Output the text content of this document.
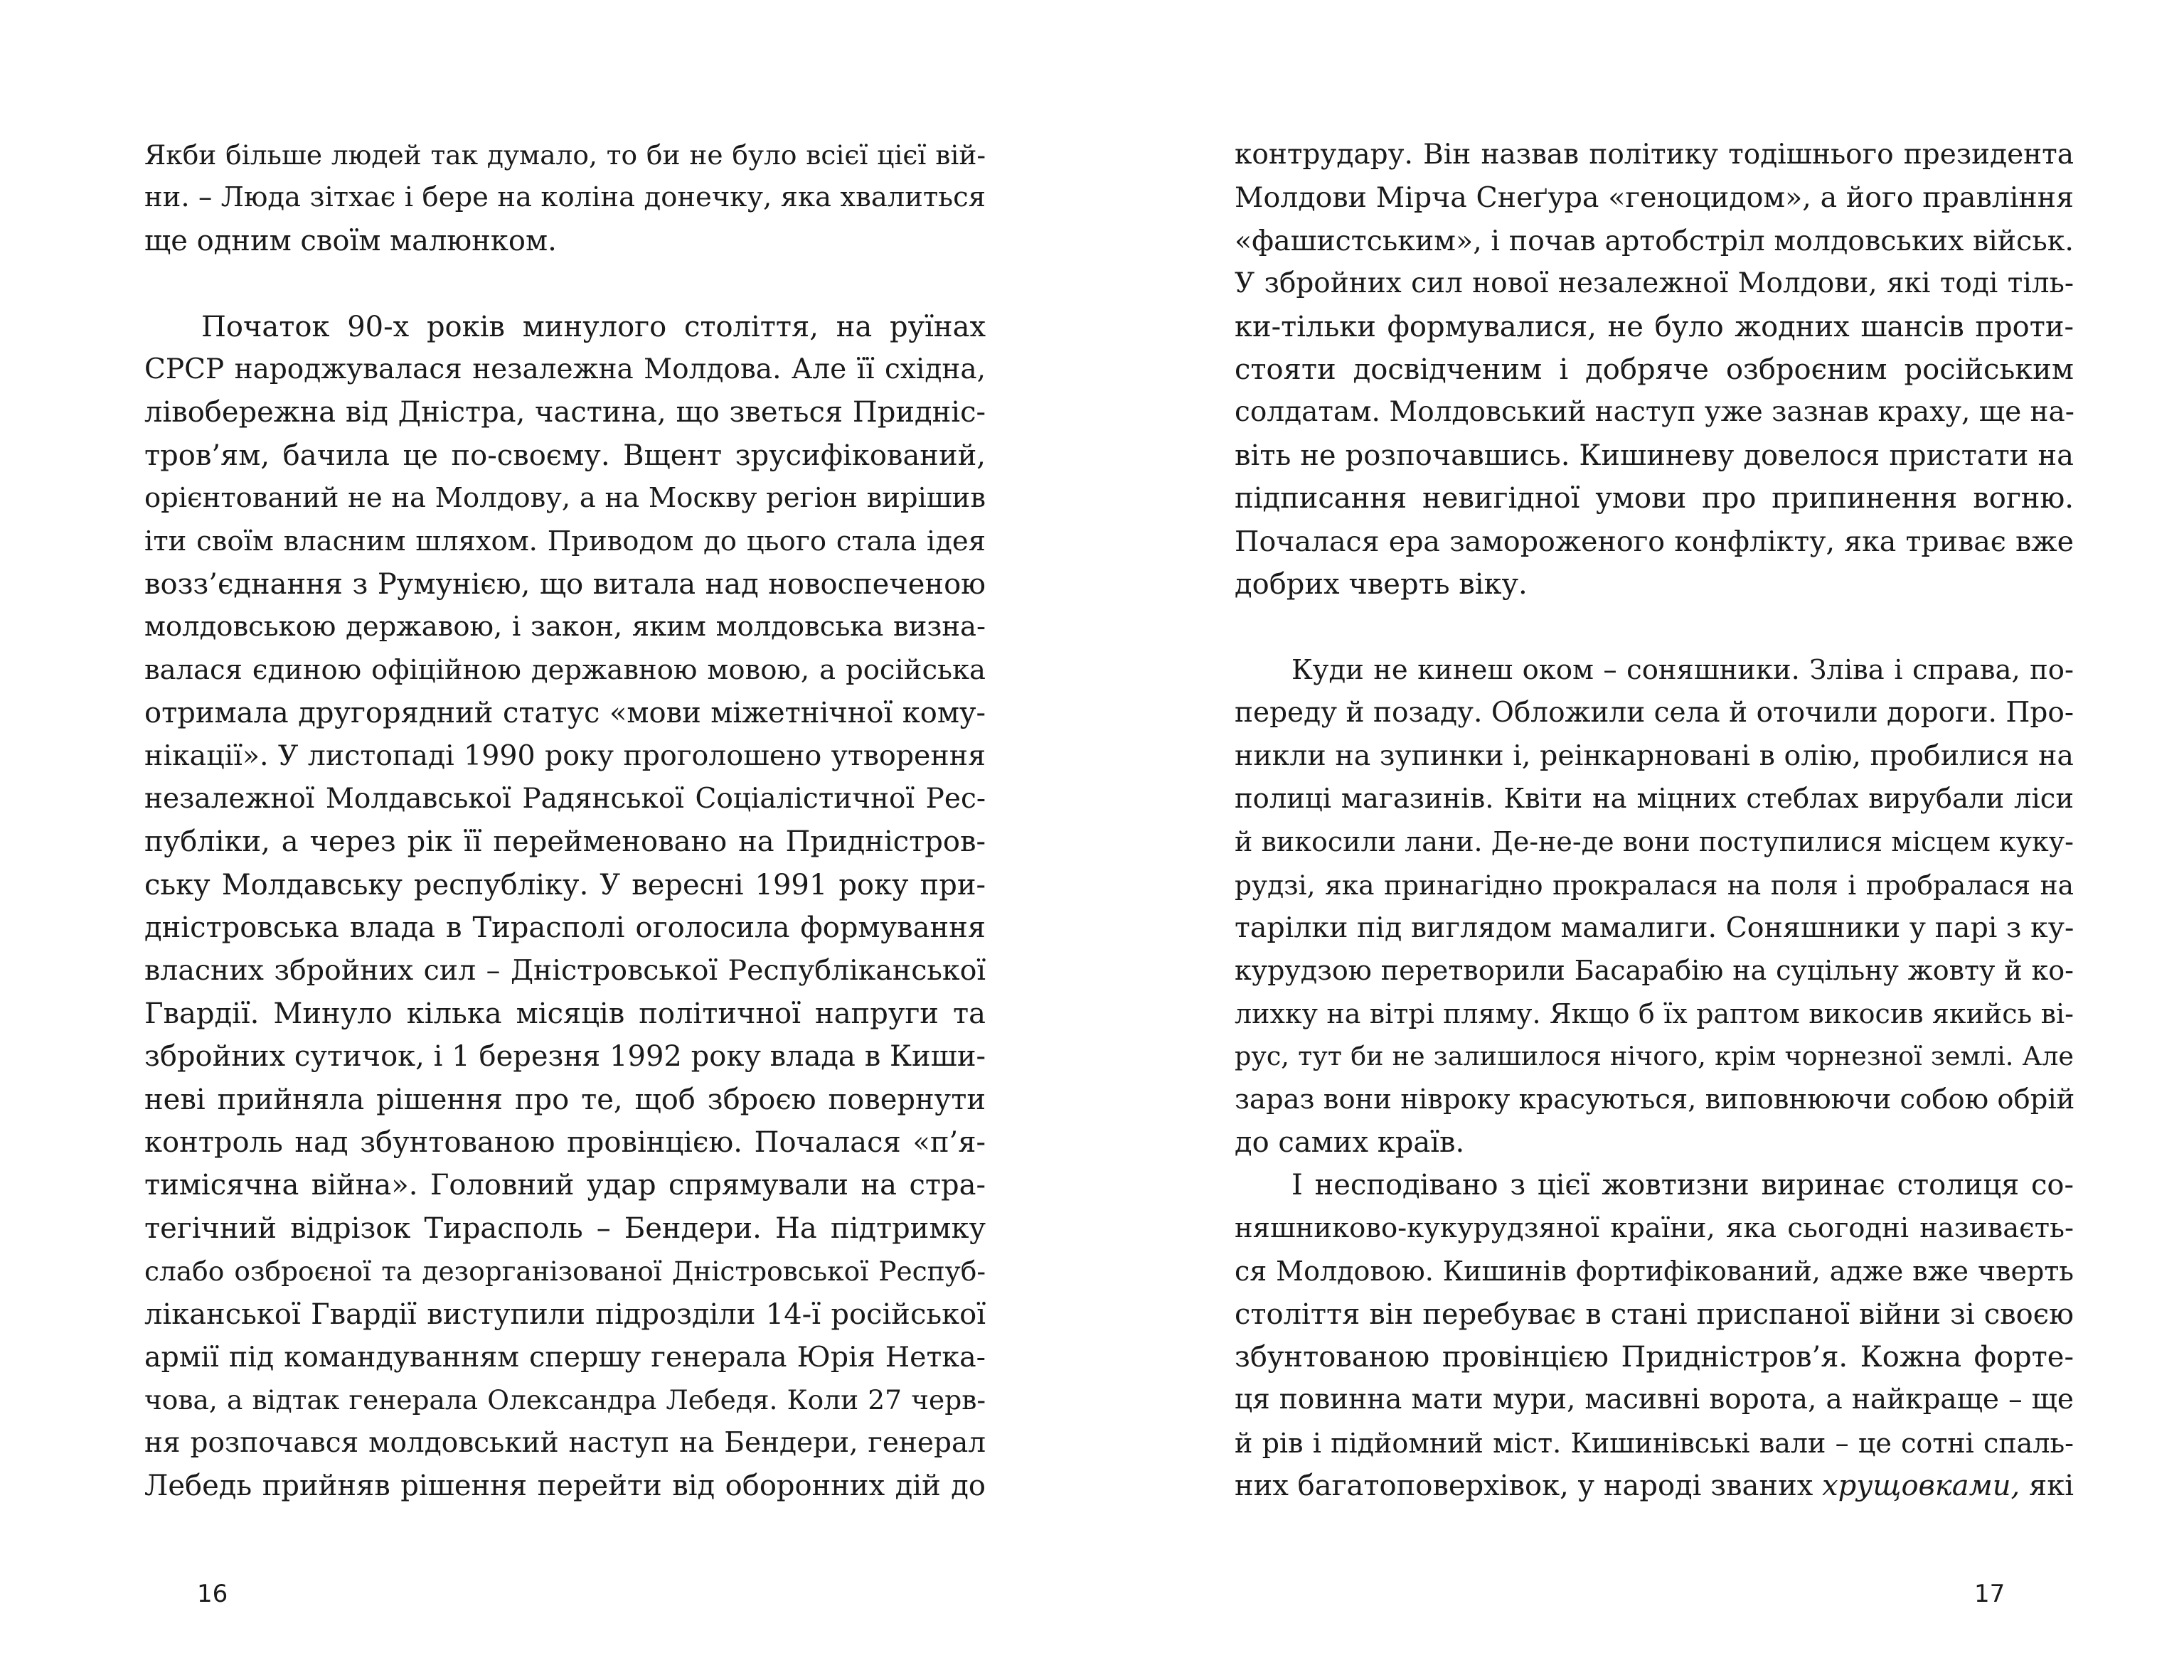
Якби більше людей так думало, то би не було всієї цієї вій-
ни. – Люда зітхає і бере на коліна донечку, яка хвалиться
ще одним своїм малюнком.
Початок 90-х років минулого століття, на руїнах
СРСР народжувалася незалежна Молдова. Але її східна,
лівобережна від Дністра, частина, що зветься Придніс-
тров’ям, бачила це по-своєму. Вщент зрусифікований,
орієнтований не на Молдову, а на Москву регіон вирішив
іти своїм власним шляхом. Приводом до цього стала ідея
возз’єднання з Румунією, що витала над новоспеченою
молдовською державою, і закон, яким молдовська визна-
валася єдиною офіційною державною мовою, а російська
отримала другорядний статус «мови міжетнічної кому-
нікації». У листопаді 1990 року проголошено утворення
незалежної Молдавської Радянської Соціалістичної Рес-
публіки, а через рік її перейменовано на Придністров-
ську Молдавську республіку. У вересні 1991 року при-
дністровська влада в Тирасполі оголосила формування
власних збройних сил – Дністровської Республіканської
Гвардії. Минуло кілька місяців політичної напруги та
збройних сутичок, і 1 березня 1992 року влада в Киши-
неві прийняла рішення про те, щоб зброєю повернути
контроль над збунтованою провінцією. Почалася «п’я-
тимісячна війна». Головний удар спрямували на стра-
тегічний відрізок Тирасполь – Бендери. На підтримку
слабо озброєної та дезорганізованої Дністровської Респуб-
ліканської Гвардії виступили підрозділи 14-ї російської
армії під командуванням спершу генерала Юрія Нетка-
чова, а відтак генерала Олександра Лебедя. Коли 27 черв-
ня розпочався молдовський наступ на Бендери, генерал
Лебедь прийняв рішення перейти від оборонних дій до
16
контрудару. Він назвав політику тодішнього президента
Молдови Мірча Снеґура «геноцидом», а його правління
«фашистським», і почав артобстріл молдовських військ.
У збройних сил нової незалежної Молдови, які тоді тіль-
ки-тільки формувалися, не було жодних шансів проти-
стояти досвідченим і добряче озброєним російським
солдатам. Молдовський наступ уже зазнав краху, ще на-
віть не розпочавшись. Кишиневу довелося пристати на
підписання невигідної умови про припинення вогню.
Почалася ера замороженого конфлікту, яка триває вже
добрих чверть віку.
Куди не кинеш оком – соняшники. Зліва і справа, по-
переду й позаду. Обложили села й оточили дороги. Про-
никли на зупинки і, реінкарновані в олію, пробилися на
полиці магазинів. Квіти на міцних стеблах вирубали ліси
й викосили лани. Де-не-де вони поступилися місцем куку-
рудзі, яка принагідно прокралася на поля і пробралася на
тарілки під виглядом мамалиги. Соняшники у парі з ку-
курудзою перетворили Басарабію на суцільну жовту й ко-
лихку на вітрі пляму. Якщо б їх раптом викосив якийсь ві-
рус, тут би не залишилося нічого, крім чорнезної землі. Але
зараз вони нівроку красуються, виповнюючи собою обрій
до самих країв.
І несподівано з цієї жовтизни виринає столиця со-
няшниково-кукурудзяної країни, яка сьогодні називаєть-
ся Молдовою. Кишинів фортифікований, адже вже чверть
століття він перебуває в стані приспаної війни зі своєю
збунтованою провінцією Придністров’я. Кожна форте-
ця повинна мати мури, масивні ворота, а найкраще – ще
й рів і підйомний міст. Кишинівські вали – це сотні спаль-
них багатоповерхівок, у народі званих хрущовками, які
17
